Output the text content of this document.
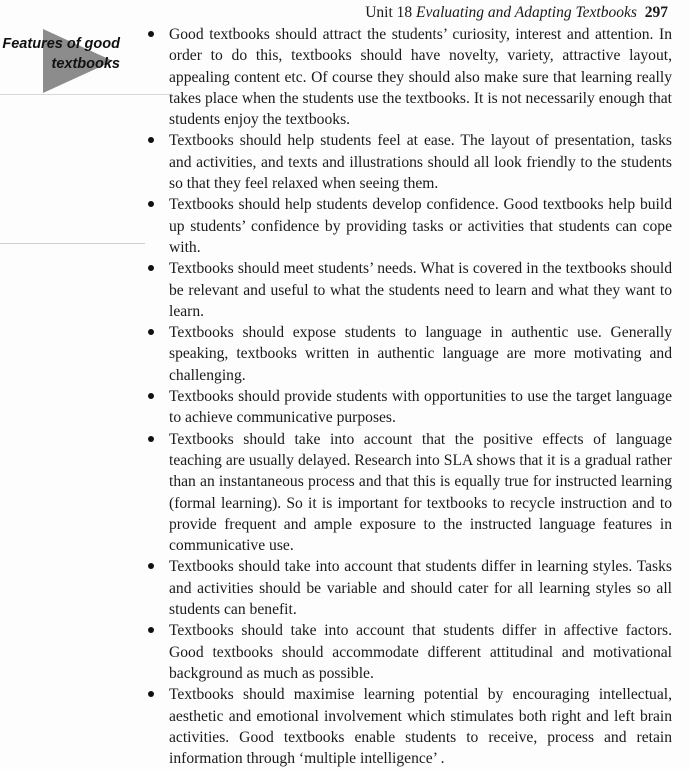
Unit 18 Evaluating and Adapting Textbooks 297
Features of good
textbooks

Good textbooks should attract the students’ curiosity, interest and attention. In order to do this, textbooks should have novelty, variety, attractive layout, appealing content etc. Of course they should also make sure that learning really takes place when the students use the textbooks. It is not necessarily enough that students enjoy the textbooks.

Textbooks should help students feel at ease. The layout of presentation, tasks and activities, and texts and illustrations should all look friendly to the students so that they feel relaxed when seeing them.

Textbooks should help students develop confidence. Good textbooks help build up students’ confidence by providing tasks or activities that students can cope with.

Textbooks should meet students’ needs. What is covered in the textbooks should be relevant and useful to what the students need to learn and what they want to learn.

Textbooks should expose students to language in authentic use. Generally speaking, textbooks written in authentic language are more motivating and challenging.

Textbooks should provide students with opportunities to use the target language to achieve communicative purposes.

Textbooks should take into account that the positive effects of language teaching are usually delayed. Research into SLA shows that it is a gradual rather than an instantaneous process and that this is equally true for instructed learning (formal learning). So it is important for textbooks to recycle instruction and to provide frequent and ample exposure to the instructed language features in communicative use.

Textbooks should take into account that students differ in learning styles. Tasks and activities should be variable and should cater for all learning styles so all students can benefit.

Textbooks should take into account that students differ in affective factors. Good textbooks should accommodate different attitudinal and motivational background as much as possible.

Textbooks should maximise learning potential by encouraging intellectual, aesthetic and emotional involvement which stimulates both right and left brain activities. Good textbooks enable students to receive, process and retain information through ‘multiple intelligence’ .
